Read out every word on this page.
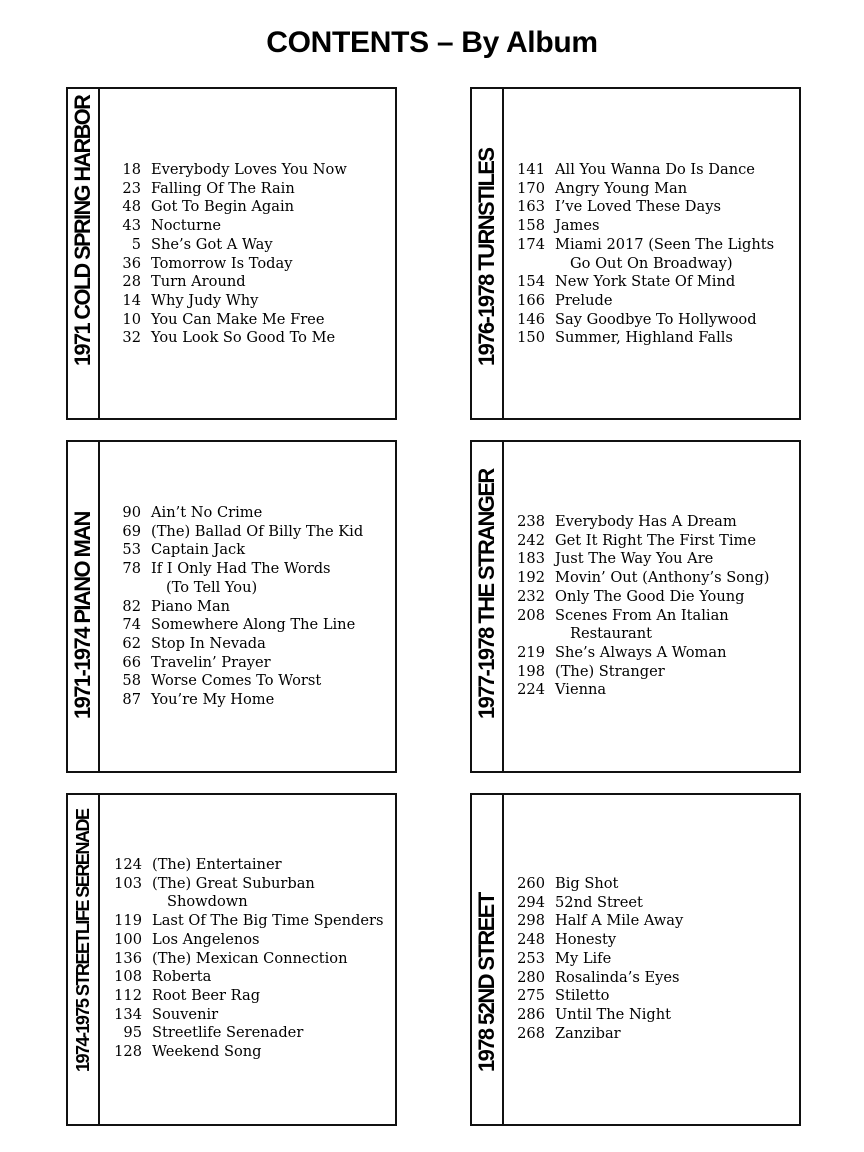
CONTENTS – By Album
1971 COLD SPRING HARBOR	18 Everybody Loves You Now
23 Falling Of The Rain
48 Got To Begin Again
43 Nocturne
5 She’s Got A Way
36 Tomorrow Is Today
28 Turn Around
14 Why Judy Why
10 You Can Make Me Free
32 You Look So Good To Me	1976-1978 TURNSTILES	141 All You Wanna Do Is Dance
170 Angry Young Man
163 I’ve Loved These Days
158 James
174 Miami 2017 (Seen The Lights
Go Out On Broadway)
154 New York State Of Mind
166 Prelude
146 Say Goodbye To Hollywood
150 Summer, Highland Falls
1971-1974 PIANO MAN	90 Ain’t No Crime
69 (The) Ballad Of Billy The Kid
53 Captain Jack
78 If I Only Had The Words
(To Tell You)
82 Piano Man
74 Somewhere Along The Line
62 Stop In Nevada
66 Travelin’ Prayer
58 Worse Comes To Worst
87 You’re My Home	1977-1978 THE STRANGER	238 Everybody Has A Dream
242 Get It Right The First Time
183 Just The Way You Are
192 Movin’ Out (Anthony’s Song)
232 Only The Good Die Young
208 Scenes From An Italian
Restaurant
219 She’s Always A Woman
198 (The) Stranger
224 Vienna
1974-1975 STREETLIFE SERENADE	124 (The) Entertainer
103 (The) Great Suburban
Showdown
119 Last Of The Big Time Spenders
100 Los Angelenos
136 (The) Mexican Connection
108 Roberta
112 Root Beer Rag
134 Souvenir
95 Streetlife Serenader
128 Weekend Song	1978 52ND STREET
260 Big Shot
294 52nd Street
298 Half A Mile Away
248 Honesty
253 My Life
280 Rosalinda’s Eyes
275 Stiletto
286 Until The Night
268 Zanzibar
